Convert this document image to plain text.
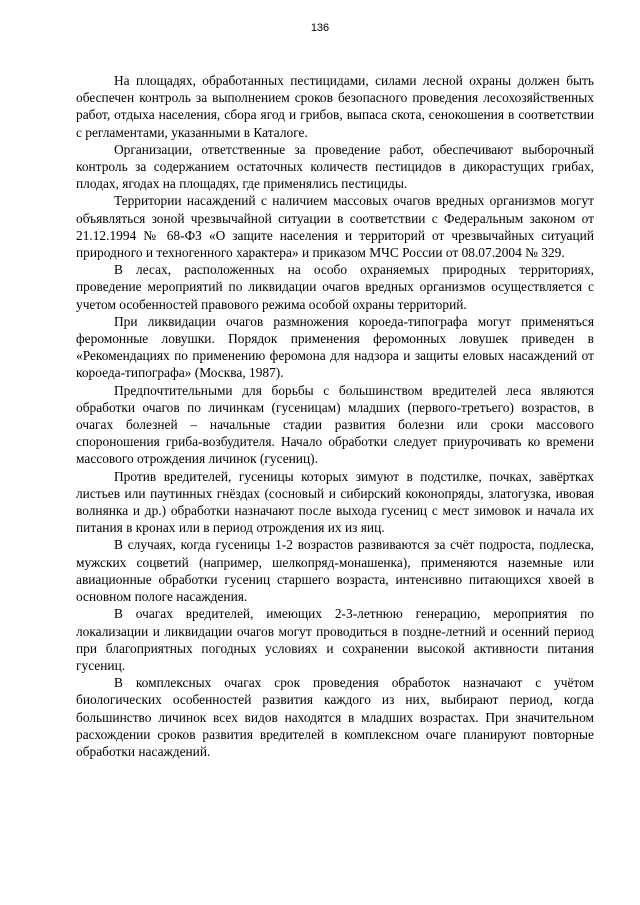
136

На площадях, обработанных пестицидами, силами лесной охраны должен быть обеспечен контроль за выполнением сроков безопасного проведения лесохозяйственных работ, отдыха населения, сбора ягод и грибов, выпаса скота, сенокошения в соответствии с регламентами, указанными в Каталоге.

Организации, ответственные за проведение работ, обеспечивают выборочный контроль за содержанием остаточных количеств пестицидов в дикорастущих грибах, плодах, ягодах на площадях, где применялись пестициды.

Территории насаждений с наличием массовых очагов вредных организмов могут объявляться зоной чрезвычайной ситуации в соответствии с Федеральным законом от 21.12.1994 № 68-ФЗ «О защите населения и территорий от чрезвычайных ситуаций природного и техногенного характера» и приказом МЧС России от 08.07.2004 № 329.

В лесах, расположенных на особо охраняемых природных территориях, проведение мероприятий по ликвидации очагов вредных организмов осуществляется с учетом особенностей правового режима особой охраны территорий.

При ликвидации очагов размножения короеда-типографа могут применяться феромонные ловушки. Порядок применения феромонных ловушек приведен в «Рекомендациях по применению феромона для надзора и защиты еловых насаждений от короеда-типографа» (Москва, 1987).

Предпочтительными для борьбы с большинством вредителей леса являются обработки очагов по личинкам (гусеницам) младших (первого-третьего) возрастов, в очагах болезней – начальные стадии развития болезни или сроки массового спороношения гриба-возбудителя. Начало обработки следует приурочивать ко времени массового отрождения личинок (гусениц).

Против вредителей, гусеницы которых зимуют в подстилке, почках, завёртках листьев или паутинных гнёздах (сосновый и сибирский коконопряды, златогузка, ивовая волнянка и др.) обработки назначают после выхода гусениц с мест зимовок и начала их питания в кронах или в период отрождения их из яиц.

В случаях, когда гусеницы 1-2 возрастов развиваются за счёт подроста, подлеска, мужских соцветий (например, шелкопряд-монашенка), применяются наземные или авиационные обработки гусениц старшего возраста, интенсивно питающихся хвоей в основном пологе насаждения.

В очагах вредителей, имеющих 2-3-летнюю генерацию, мероприятия по локализации и ликвидации очагов могут проводиться в поздне-летний и осенний период при благоприятных погодных условиях и сохранении высокой активности питания гусениц.

В комплексных очагах срок проведения обработок назначают с учётом биологических особенностей развития каждого из них, выбирают период, когда большинство личинок всех видов находятся в младших возрастах. При значительном расхождении сроков развития вредителей в комплексном очаге планируют повторные обработки насаждений.
